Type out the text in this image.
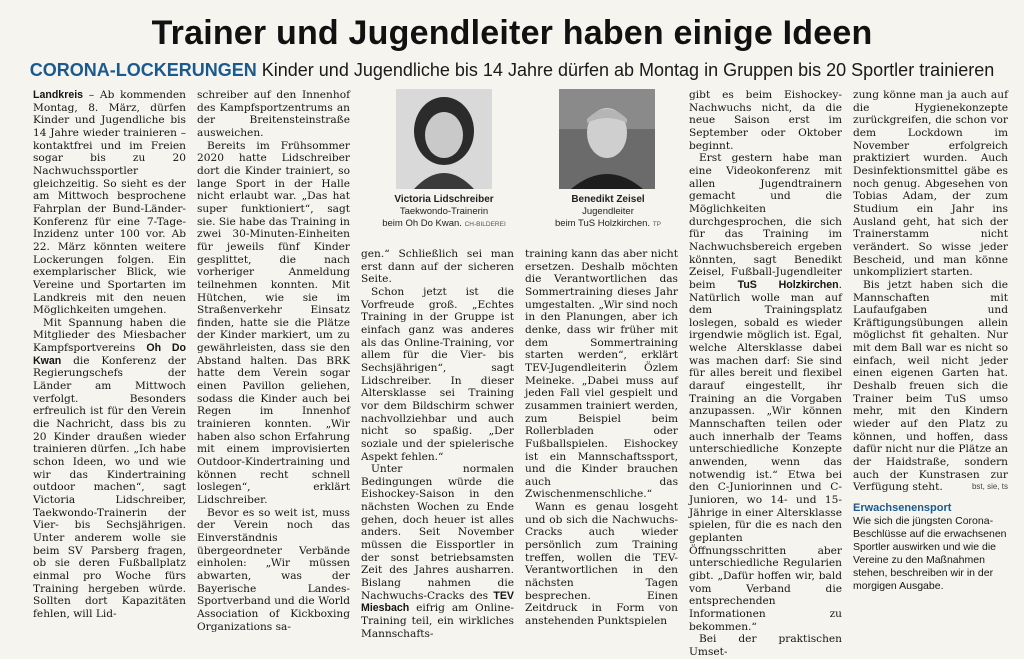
Trainer und Jugendleiter haben einige Ideen
CORONA-LOCKERUNGEN Kinder und Jugendliche bis 14 Jahre dürfen ab Montag in Gruppen bis 20 Sportler trainieren

Landkreis – Ab kommenden Montag, 8. März, dürfen Kinder und Jugendliche bis 14 Jahre wieder trainieren – kontaktfrei und im Freien sogar bis zu 20 Nachwuchssportler gleichzeitig. So sieht es der am Mittwoch besprochene Fahrplan der Bund-Länder-Konferenz für eine 7-Tage-Inzidenz unter 100 vor. Ab 22. März könnten weitere Lockerungen folgen. Ein exemplarischer Blick, wie Vereine und Sportarten im Landkreis mit den neuen Möglichkeiten umgehen.

Mit Spannung haben die Mitglieder des Miesbacher Kampfsportvereins Oh Do Kwan die Konferenz der Regierungschefs der Länder am Mittwoch verfolgt. Besonders erfreulich ist für den Verein die Nachricht, dass bis zu 20 Kinder draußen wieder trainieren dürfen. „Ich habe schon Ideen, wo und wie wir das Kindertraining outdoor machen“, sagt Victoria Lidschreiber, Taekwondo-Trainerin der Vier- bis Sechsjährigen. Unter anderem wolle sie beim SV Parsberg fragen, ob sie deren Fußballplatz einmal pro Woche fürs Training hergeben würde. Sollten dort Kapazitäten fehlen, will Lid-

schreiber auf den Innenhof des Kampfsportzentrums an der Breitensteinstraße ausweichen.

Bereits im Frühsommer 2020 hatte Lidschreiber dort die Kinder trainiert, so lange Sport in der Halle nicht erlaubt war. „Das hat super funktioniert“, sagt sie. Sie habe das Training in zwei 30-Minuten-Einheiten für jeweils fünf Kinder gesplittet, die nach vorheriger Anmeldung teilnehmen konnten. Mit Hütchen, wie sie im Straßenverkehr Einsatz finden, hatte sie die Plätze der Kinder markiert, um zu gewährleisten, dass sie den Abstand halten. Das BRK hatte dem Verein sogar einen Pavillon geliehen, sodass die Kinder auch bei Regen im Innenhof trainieren konnten. „Wir haben also schon Erfahrung mit einem improvisierten Outdoor-Kindertraining und können recht schnell loslegen“, erklärt Lidschreiber.

Bevor es so weit ist, muss der Verein noch das Einverständnis übergeordneter Verbände einholen: „Wir müssen abwarten, was der Bayerische Landes-Sportverband und die World Association of Kickboxing Organizations sa-

Victoria Lidschreiber
Taekwondo-Trainerin
beim Oh Do Kwan. CH-BILDEREI
Benedikt Zeisel
Jugendleiter
beim TuS Holzkirchen. TP

gen.“ Schließlich sei man erst dann auf der sicheren Seite.

Schon jetzt ist die Vorfreude groß. „Echtes Training in der Gruppe ist einfach ganz was anderes als das Online-Training, vor allem für die Vier- bis Sechsjährigen“, sagt Lidschreiber. In dieser Altersklasse sei Training vor dem Bildschirm schwer nachvollziehbar und auch nicht so spaßig. „Der soziale und der spielerische Aspekt fehlen.“

Unter normalen Bedingungen würde die Eishockey-Saison in den nächsten Wochen zu Ende gehen, doch heuer ist alles anders. Seit November müssen die Eissportler in der sonst betriebsamsten Zeit des Jahres ausharren. Bislang nahmen die Nachwuchs-Cracks des TEV Miesbach eifrig am Online-Training teil, ein wirkliches Mannschafts-

training kann das aber nicht ersetzen. Deshalb möchten die Verantwortlichen das Sommertraining dieses Jahr umgestalten. „Wir sind noch in den Planungen, aber ich denke, dass wir früher mit dem Sommertraining starten werden“, erklärt TEV-Jugendleiterin Özlem Meineke. „Dabei muss auf jeden Fall viel gespielt und zusammen trainiert werden, zum Beispiel beim Rollerbladen oder Fußballspielen. Eishockey ist ein Mannschaftssport, und die Kinder brauchen auch das Zwischenmenschliche.“

Wann es genau losgeht und ob sich die Nachwuchs-Cracks auch wieder persönlich zum Training treffen, wollen die TEV-Verantwortlichen in den nächsten Tagen besprechen. Einen Zeitdruck in Form von anstehenden Punktspielen

gibt es beim Eishockey-Nachwuchs nicht, da die neue Saison erst im September oder Oktober beginnt.

Erst gestern habe man eine Videokonferenz mit allen Jugendtrainern gemacht und die Möglichkeiten durchgesprochen, die sich für das Training im Nachwuchsbereich ergeben könnten, sagt Benedikt Zeisel, Fußball-Jugendleiter beim TuS Holzkirchen. Natürlich wolle man auf dem Trainingsplatz loslegen, sobald es wieder irgendwie möglich ist. Egal, welche Altersklasse dabei was machen darf: Sie sind für alles bereit und flexibel darauf eingestellt, ihr Training an die Vorgaben anzupassen. „Wir können Mannschaften teilen oder auch innerhalb der Teams unterschiedliche Konzepte anwenden, wenn das notwendig ist.“ Etwa bei den C-Juniorinnen und C-Junioren, wo 14- und 15-Jährige in einer Altersklasse spielen, für die es nach den geplanten Öffnungsschritten aber unterschiedliche Regularien gibt. „Dafür hoffen wir, bald vom Verband die entsprechenden Informationen zu bekommen.“

Bei der praktischen Umset-

zung könne man ja auch auf die Hygienekonzepte zurückgreifen, die schon vor dem Lockdown im November erfolgreich praktiziert wurden. Auch Desinfektionsmittel gäbe es noch genug. Abgesehen von Tobias Adam, der zum Studium ein Jahr ins Ausland geht, hat sich der Trainerstamm nicht verändert. So wisse jeder Bescheid, und man könne unkompliziert starten.

Bis jetzt haben sich die Mannschaften mit Laufaufgaben und Kräftigungsübungen allein möglichst fit gehalten. Nur mit dem Ball war es nicht so einfach, weil nicht jeder einen eigenen Garten hat. Deshalb freuen sich die Trainer beim TuS umso mehr, mit den Kindern wieder auf den Platz zu können, und hoffen, dass dafür nicht nur die Plätze an der Haidstraße, sondern auch der Kunstrasen zur Verfügung steht.	bst, sie, ts

Erwachsenensport
Wie sich die jüngsten Corona-Beschlüsse auf die erwachsenen Sportler auswirken und wie die Vereine zu den Maßnahmen stehen, beschreiben wir in der morgigen Ausgabe.
